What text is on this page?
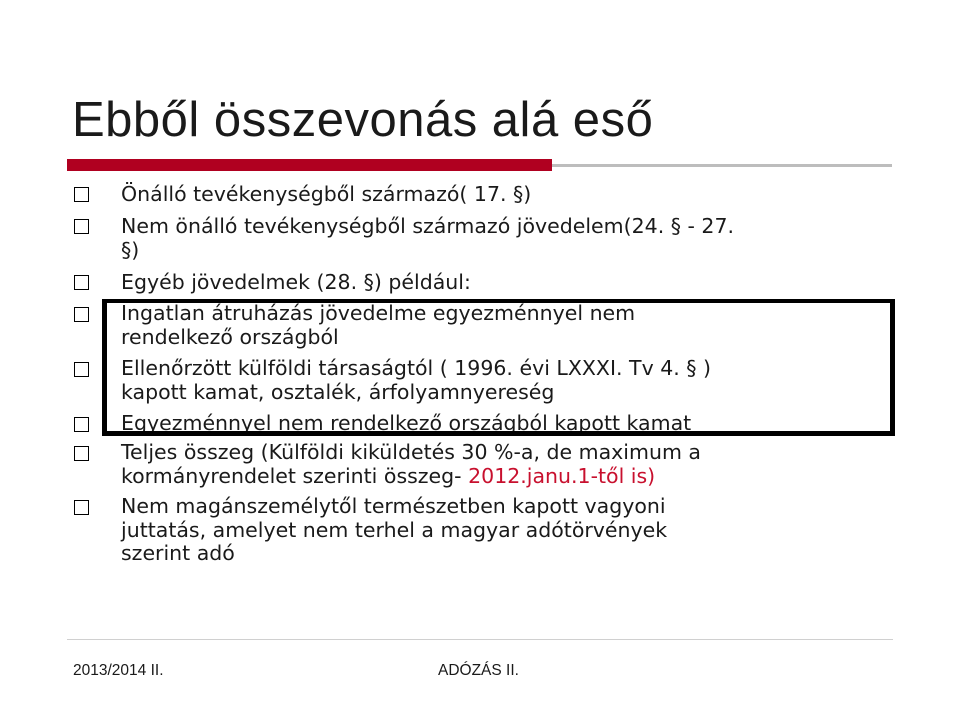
Ebből összevonás alá eső
Önálló tevékenységből származó( 17. §)
Nem önálló tevékenységből származó jövedelem(24. § - 27.
§)
Egyéb jövedelmek (28. §) például:
Ingatlan átruházás jövedelme egyezménnyel nem
rendelkező országból
Ellenőrzött külföldi társaságtól ( 1996. évi LXXXI. Tv 4. § )
kapott kamat, osztalék, árfolyamnyereség
Egyezménnyel nem rendelkező országból kapott kamat
Teljes összeg (Külföldi kiküldetés 30 %-a, de maximum a
kormányrendelet szerinti összeg- 2012.janu.1-től is)
Nem magánszemélytől természetben kapott vagyoni
juttatás, amelyet nem terhel a magyar adótörvények
szerint adó
2013/2014 II.	ADÓZÁS II.
